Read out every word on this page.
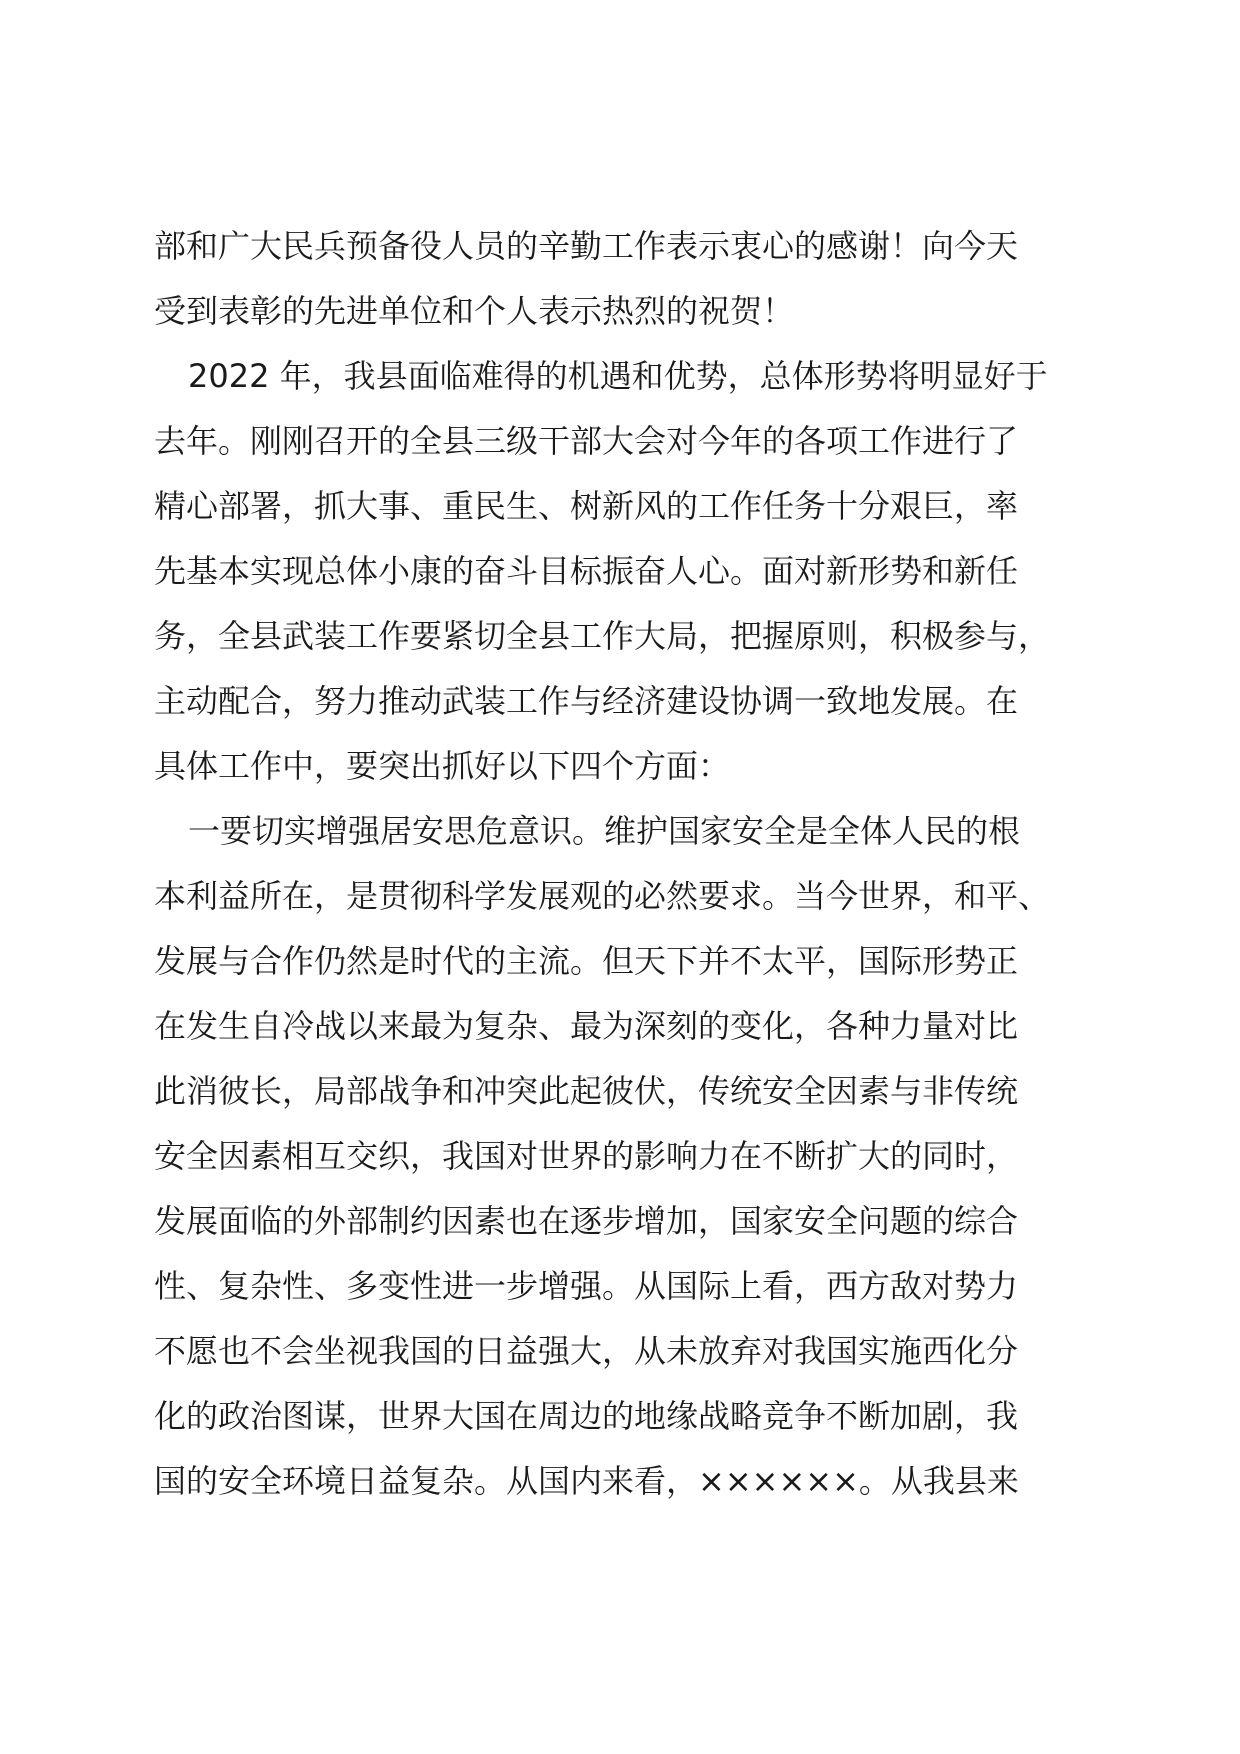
部和广大民兵预备役人员的辛勤工作表示衷心的感谢！向今天
受到表彰的先进单位和个人表示热烈的祝贺！
2022 年，我县面临难得的机遇和优势，总体形势将明显好于
去年。刚刚召开的全县三级干部大会对今年的各项工作进行了
精心部署，抓大事、重民生、树新风的工作任务十分艰巨，率
先基本实现总体小康的奋斗目标振奋人心。面对新形势和新任
务，全县武装工作要紧切全县工作大局，把握原则，积极参与，
主动配合，努力推动武装工作与经济建设协调一致地发展。在
具体工作中，要突出抓好以下四个方面：
一要切实增强居安思危意识。维护国家安全是全体人民的根
本利益所在，是贯彻科学发展观的必然要求。当今世界，和平、
发展与合作仍然是时代的主流。但天下并不太平，国际形势正
在发生自冷战以来最为复杂、最为深刻的变化，各种力量对比
此消彼长，局部战争和冲突此起彼伏，传统安全因素与非传统
安全因素相互交织，我国对世界的影响力在不断扩大的同时，
发展面临的外部制约因素也在逐步增加，国家安全问题的综合
性、复杂性、多变性进一步增强。从国际上看，西方敌对势力
不愿也不会坐视我国的日益强大，从未放弃对我国实施西化分
化的政治图谋，世界大国在周边的地缘战略竞争不断加剧，我
国的安全环境日益复杂。从国内来看，××××××。从我县来
